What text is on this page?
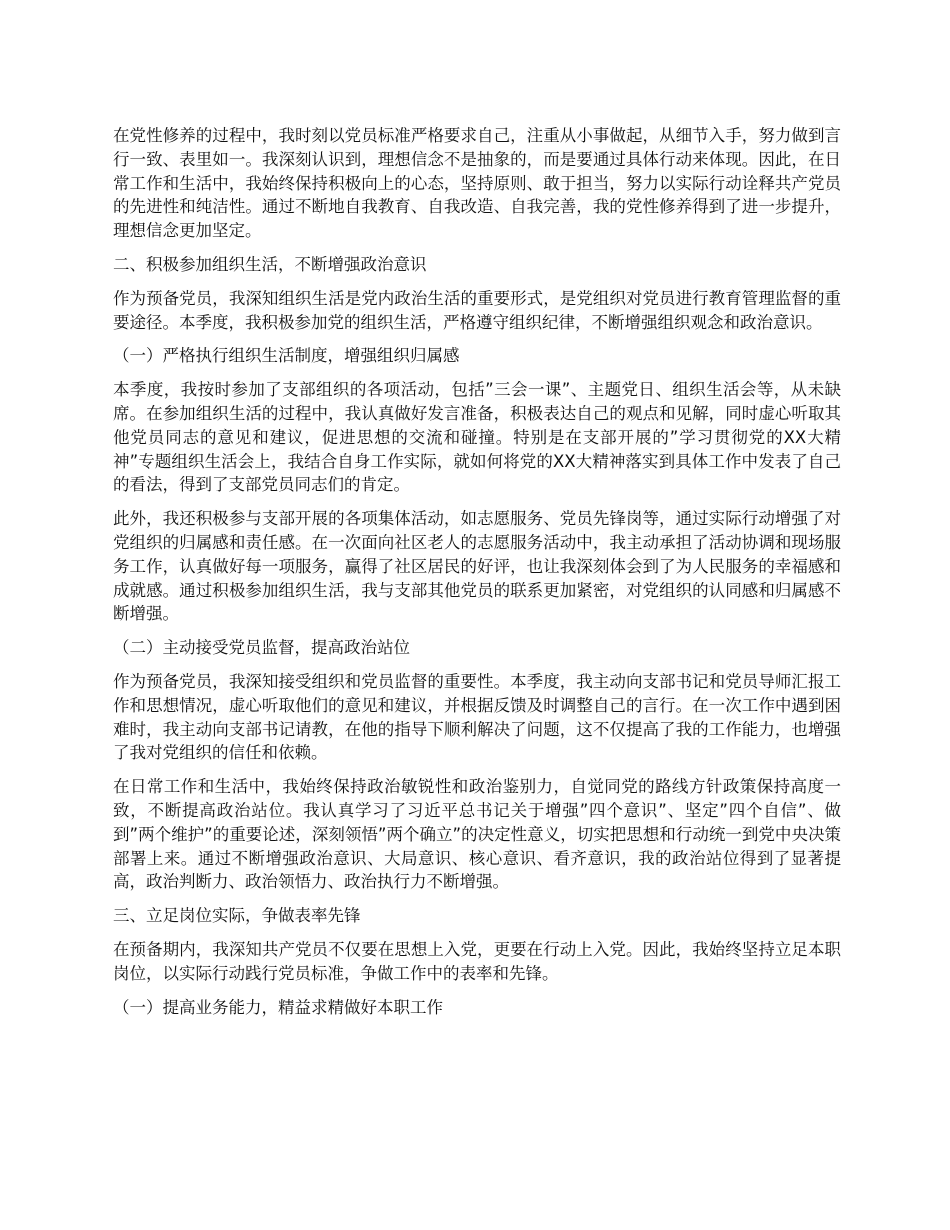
在党性修养的过程中，我时刻以党员标准严格要求自己，注重从小事做起，从细节入手，努力做到言行一致、表里如一。我深刻认识到，理想信念不是抽象的，而是要通过具体行动来体现。因此，在日常工作和生活中，我始终保持积极向上的心态，坚持原则、敢于担当，努力以实际行动诠释共产党员的先进性和纯洁性。通过不断地自我教育、自我改造、自我完善，我的党性修养得到了进一步提升，理想信念更加坚定。

二、积极参加组织生活，不断增强政治意识

作为预备党员，我深知组织生活是党内政治生活的重要形式，是党组织对党员进行教育管理监督的重要途径。本季度，我积极参加党的组织生活，严格遵守组织纪律，不断增强组织观念和政治意识。

（一）严格执行组织生活制度，增强组织归属感

本季度，我按时参加了支部组织的各项活动，包括”三会一课”、主题党日、组织生活会等，从未缺席。在参加组织生活的过程中，我认真做好发言准备，积极表达自己的观点和见解，同时虚心听取其他党员同志的意见和建议，促进思想的交流和碰撞。特别是在支部开展的”学习贯彻党的XX大精神”专题组织生活会上，我结合自身工作实际，就如何将党的XX大精神落实到具体工作中发表了自己的看法，得到了支部党员同志们的肯定。

此外，我还积极参与支部开展的各项集体活动，如志愿服务、党员先锋岗等，通过实际行动增强了对党组织的归属感和责任感。在一次面向社区老人的志愿服务活动中，我主动承担了活动协调和现场服务工作，认真做好每一项服务，赢得了社区居民的好评，也让我深刻体会到了为人民服务的幸福感和成就感。通过积极参加组织生活，我与支部其他党员的联系更加紧密，对党组织的认同感和归属感不断增强。

（二）主动接受党员监督，提高政治站位

作为预备党员，我深知接受组织和党员监督的重要性。本季度，我主动向支部书记和党员导师汇报工作和思想情况，虚心听取他们的意见和建议，并根据反馈及时调整自己的言行。在一次工作中遇到困难时，我主动向支部书记请教，在他的指导下顺利解决了问题，这不仅提高了我的工作能力，也增强了我对党组织的信任和依赖。

在日常工作和生活中，我始终保持政治敏锐性和政治鉴别力，自觉同党的路线方针政策保持高度一致，不断提高政治站位。我认真学习了习近平总书记关于增强”四个意识”、坚定”四个自信”、做到”两个维护”的重要论述，深刻领悟”两个确立”的决定性意义，切实把思想和行动统一到党中央决策部署上来。通过不断增强政治意识、大局意识、核心意识、看齐意识，我的政治站位得到了显著提高，政治判断力、政治领悟力、政治执行力不断增强。

三、立足岗位实际，争做表率先锋

在预备期内，我深知共产党员不仅要在思想上入党，更要在行动上入党。因此，我始终坚持立足本职岗位，以实际行动践行党员标准，争做工作中的表率和先锋。

（一）提高业务能力，精益求精做好本职工作
